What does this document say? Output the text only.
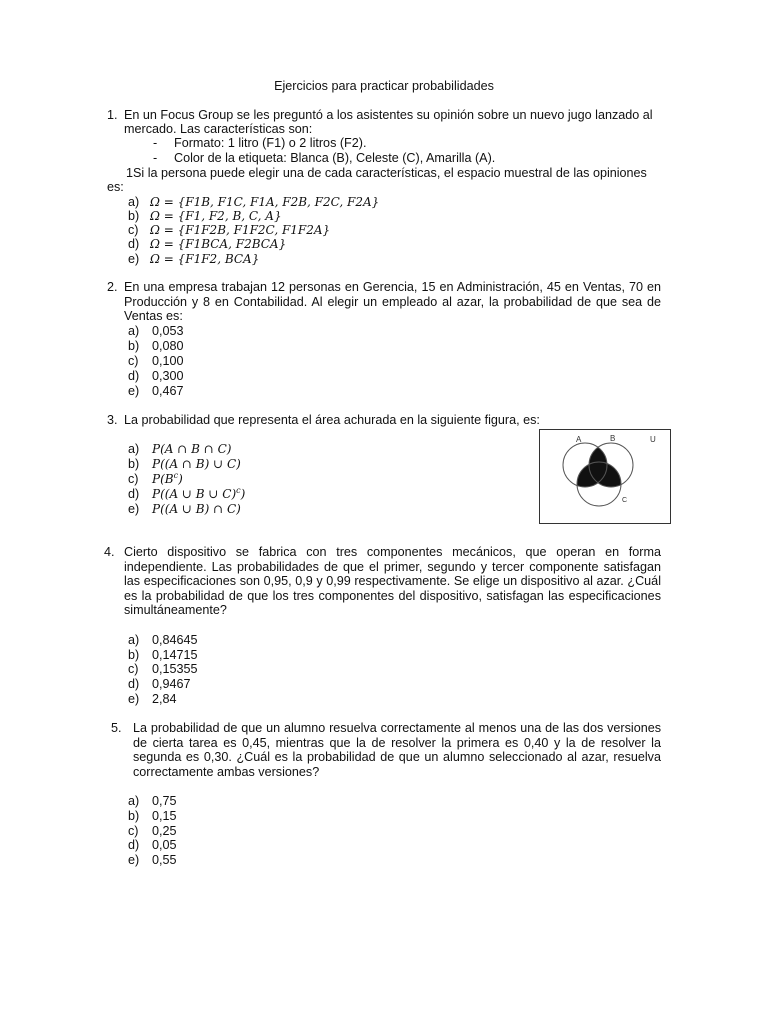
Ejercicios para practicar probabilidades
1. En un Focus Group se les preguntó a los asistentes su opinión sobre un nuevo jugo lanzado al
mercado. Las características son:
- Formato: 1 litro (F1) o 2 litros (F2).
- Color de la etiqueta: Blanca (B), Celeste (C), Amarilla (A).
1Si la persona puede elegir una de cada características, el espacio muestral de las opiniones
es:
a) Ω = {F1B, F1C, F1A, F2B, F2C, F2A}
b) Ω = {F1, F2, B, C, A}
c) Ω = {F1F2B, F1F2C, F1F2A}
d) Ω = {F1BCA, F2BCA}
e) Ω = {F1F2, BCA}
2. En una empresa trabajan 12 personas en Gerencia, 15 en Administración, 45 en Ventas, 70 en Producción y 8 en Contabilidad. Al elegir un empleado al azar, la probabilidad de que sea de Ventas es:
a) 0,053
b) 0,080
c) 0,100
d) 0,300
e) 0,467
3. La probabilidad que representa el área achurada en la siguiente figura, es:
a) P(A ∩ B ∩ C)
b) P((A ∩ B) ∪ C)
c) $P(B^c)$
d) P((A ∪ B ∪ C)$^c$)
e) P((A ∪ B) ∩ C)
A	B	U
C
4. Cierto dispositivo se fabrica con tres componentes mecánicos, que operan en forma independiente. Las probabilidades de que el primer, segundo y tercer componente satisfagan las especificaciones son 0,95, 0,9 y 0,99 respectivamente. Se elige un dispositivo al azar. ¿Cuál es la probabilidad de que los tres componentes del dispositivo, satisfagan las especificaciones simultáneamente?
a) 0,84645
b) 0,14715
c) 0,15355
d) 0,9467
e) 2,84
5. La probabilidad de que un alumno resuelva correctamente al menos una de las dos versiones de cierta tarea es 0,45, mientras que la de resolver la primera es 0,40 y la de resolver la segunda es 0,30. ¿Cuál es la probabilidad de que un alumno seleccionado al azar, resuelva correctamente ambas versiones?
a) 0,75
b) 0,15
c) 0,25
d) 0,05
e) 0,55
